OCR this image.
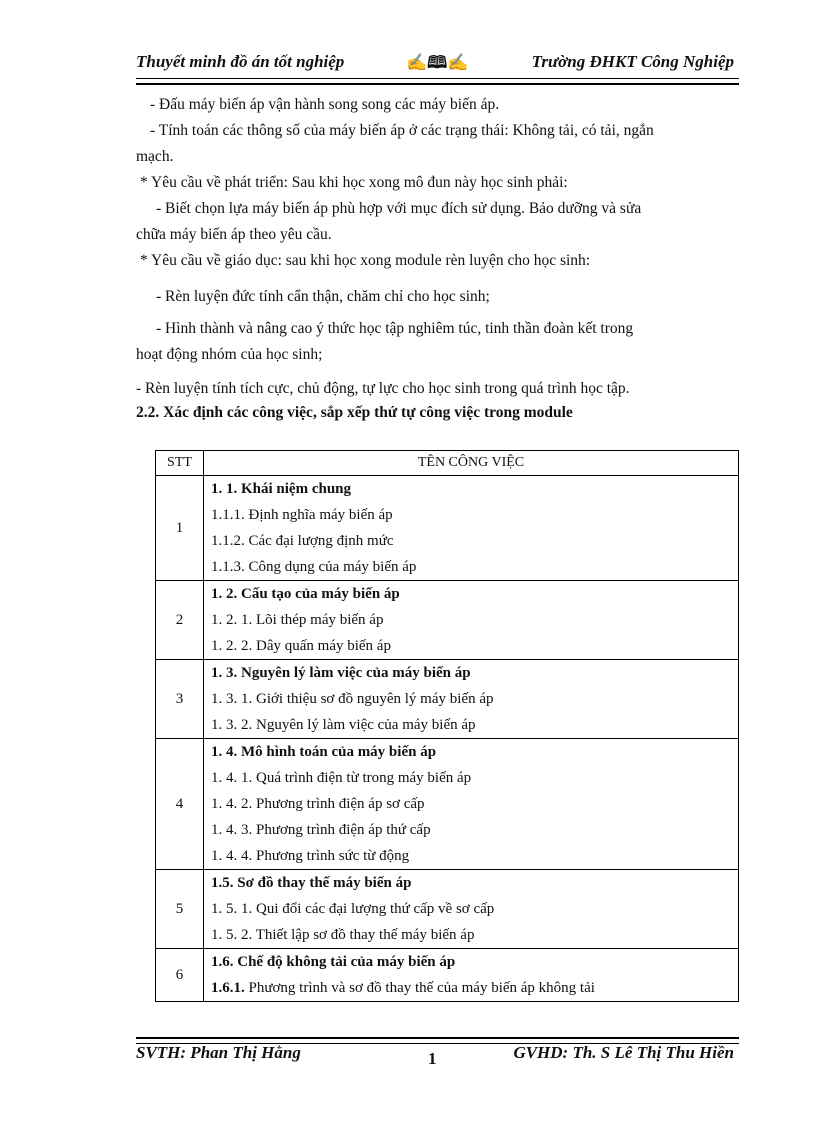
Thuyết minh đồ án tốt nghiệp	✍🕮✍	Trường ĐHKT Công Nghiệp
- Đấu máy biến áp vận hành song song các máy biến áp.
- Tính toán các thông số của máy biến áp ở các trạng thái: Không tải, có tải, ngắn
mạch.
* Yêu cầu về phát triển: Sau khi học xong mô đun này học sinh phải:
- Biết chọn lựa máy biến áp phù hợp với mục đích sử dụng. Bảo dưỡng và sửa
chữa máy biến áp theo yêu cầu.
* Yêu cầu về giáo dục: sau khi học xong module rèn luyện cho học sinh:
- Rèn luyện đức tính cẩn thận, chăm chỉ cho học sinh;
- Hình thành và nâng cao ý thức học tập nghiêm túc, tinh thần đoàn kết trong
hoạt động nhóm của học sinh;
- Rèn luyện tính tích cực, chủ động, tự lực cho học sinh trong quá trình học tập.
2.2. Xác định các công việc, sắp xếp thứ tự công việc trong module
STT	TÊN CÔNG VIỆC
1	1. 1. Khái niệm chung
1.1.1. Định nghĩa máy biến áp
1.1.2. Các đại lượng định mức
1.1.3. Công dụng của máy biến áp

2	1. 2. Cấu tạo của máy biến áp
1. 2. 1. Lõi thép máy biến áp
1. 2. 2. Dây quấn máy biến áp

3	1. 3. Nguyên lý làm việc của máy biến áp
1. 3. 1. Giới thiệu sơ đồ nguyên lý máy biến áp
1. 3. 2. Nguyên lý làm việc của máy biến áp

4	1. 4. Mô hình toán của máy biến áp
1. 4. 1. Quá trình điện từ trong máy biến áp
1. 4. 2. Phương trình điện áp sơ cấp
1. 4. 3. Phương trình điện áp thứ cấp
1. 4. 4. Phương trình sức từ động

5	1.5. Sơ đồ thay thế máy biến áp
1. 5. 1. Qui đổi các đại lượng thứ cấp về sơ cấp
1. 5. 2. Thiết lập sơ đồ thay thế máy biến áp

6	1.6. Chế độ không tải của máy biến áp
1.6.1. Phương trình và sơ đồ thay thế của máy biến áp không tải
SVTH: Phan Thị Hằng	1	GVHD: Th. S Lê Thị Thu Hiền
